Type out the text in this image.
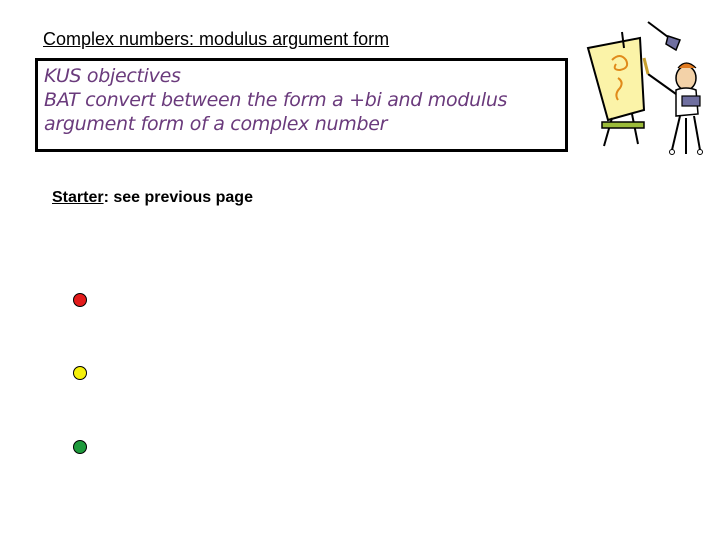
Complex numbers: modulus argument form
KUS objectives
BAT convert between the form a +bi and modulus
argument form of a complex number
Starter: see previous page
